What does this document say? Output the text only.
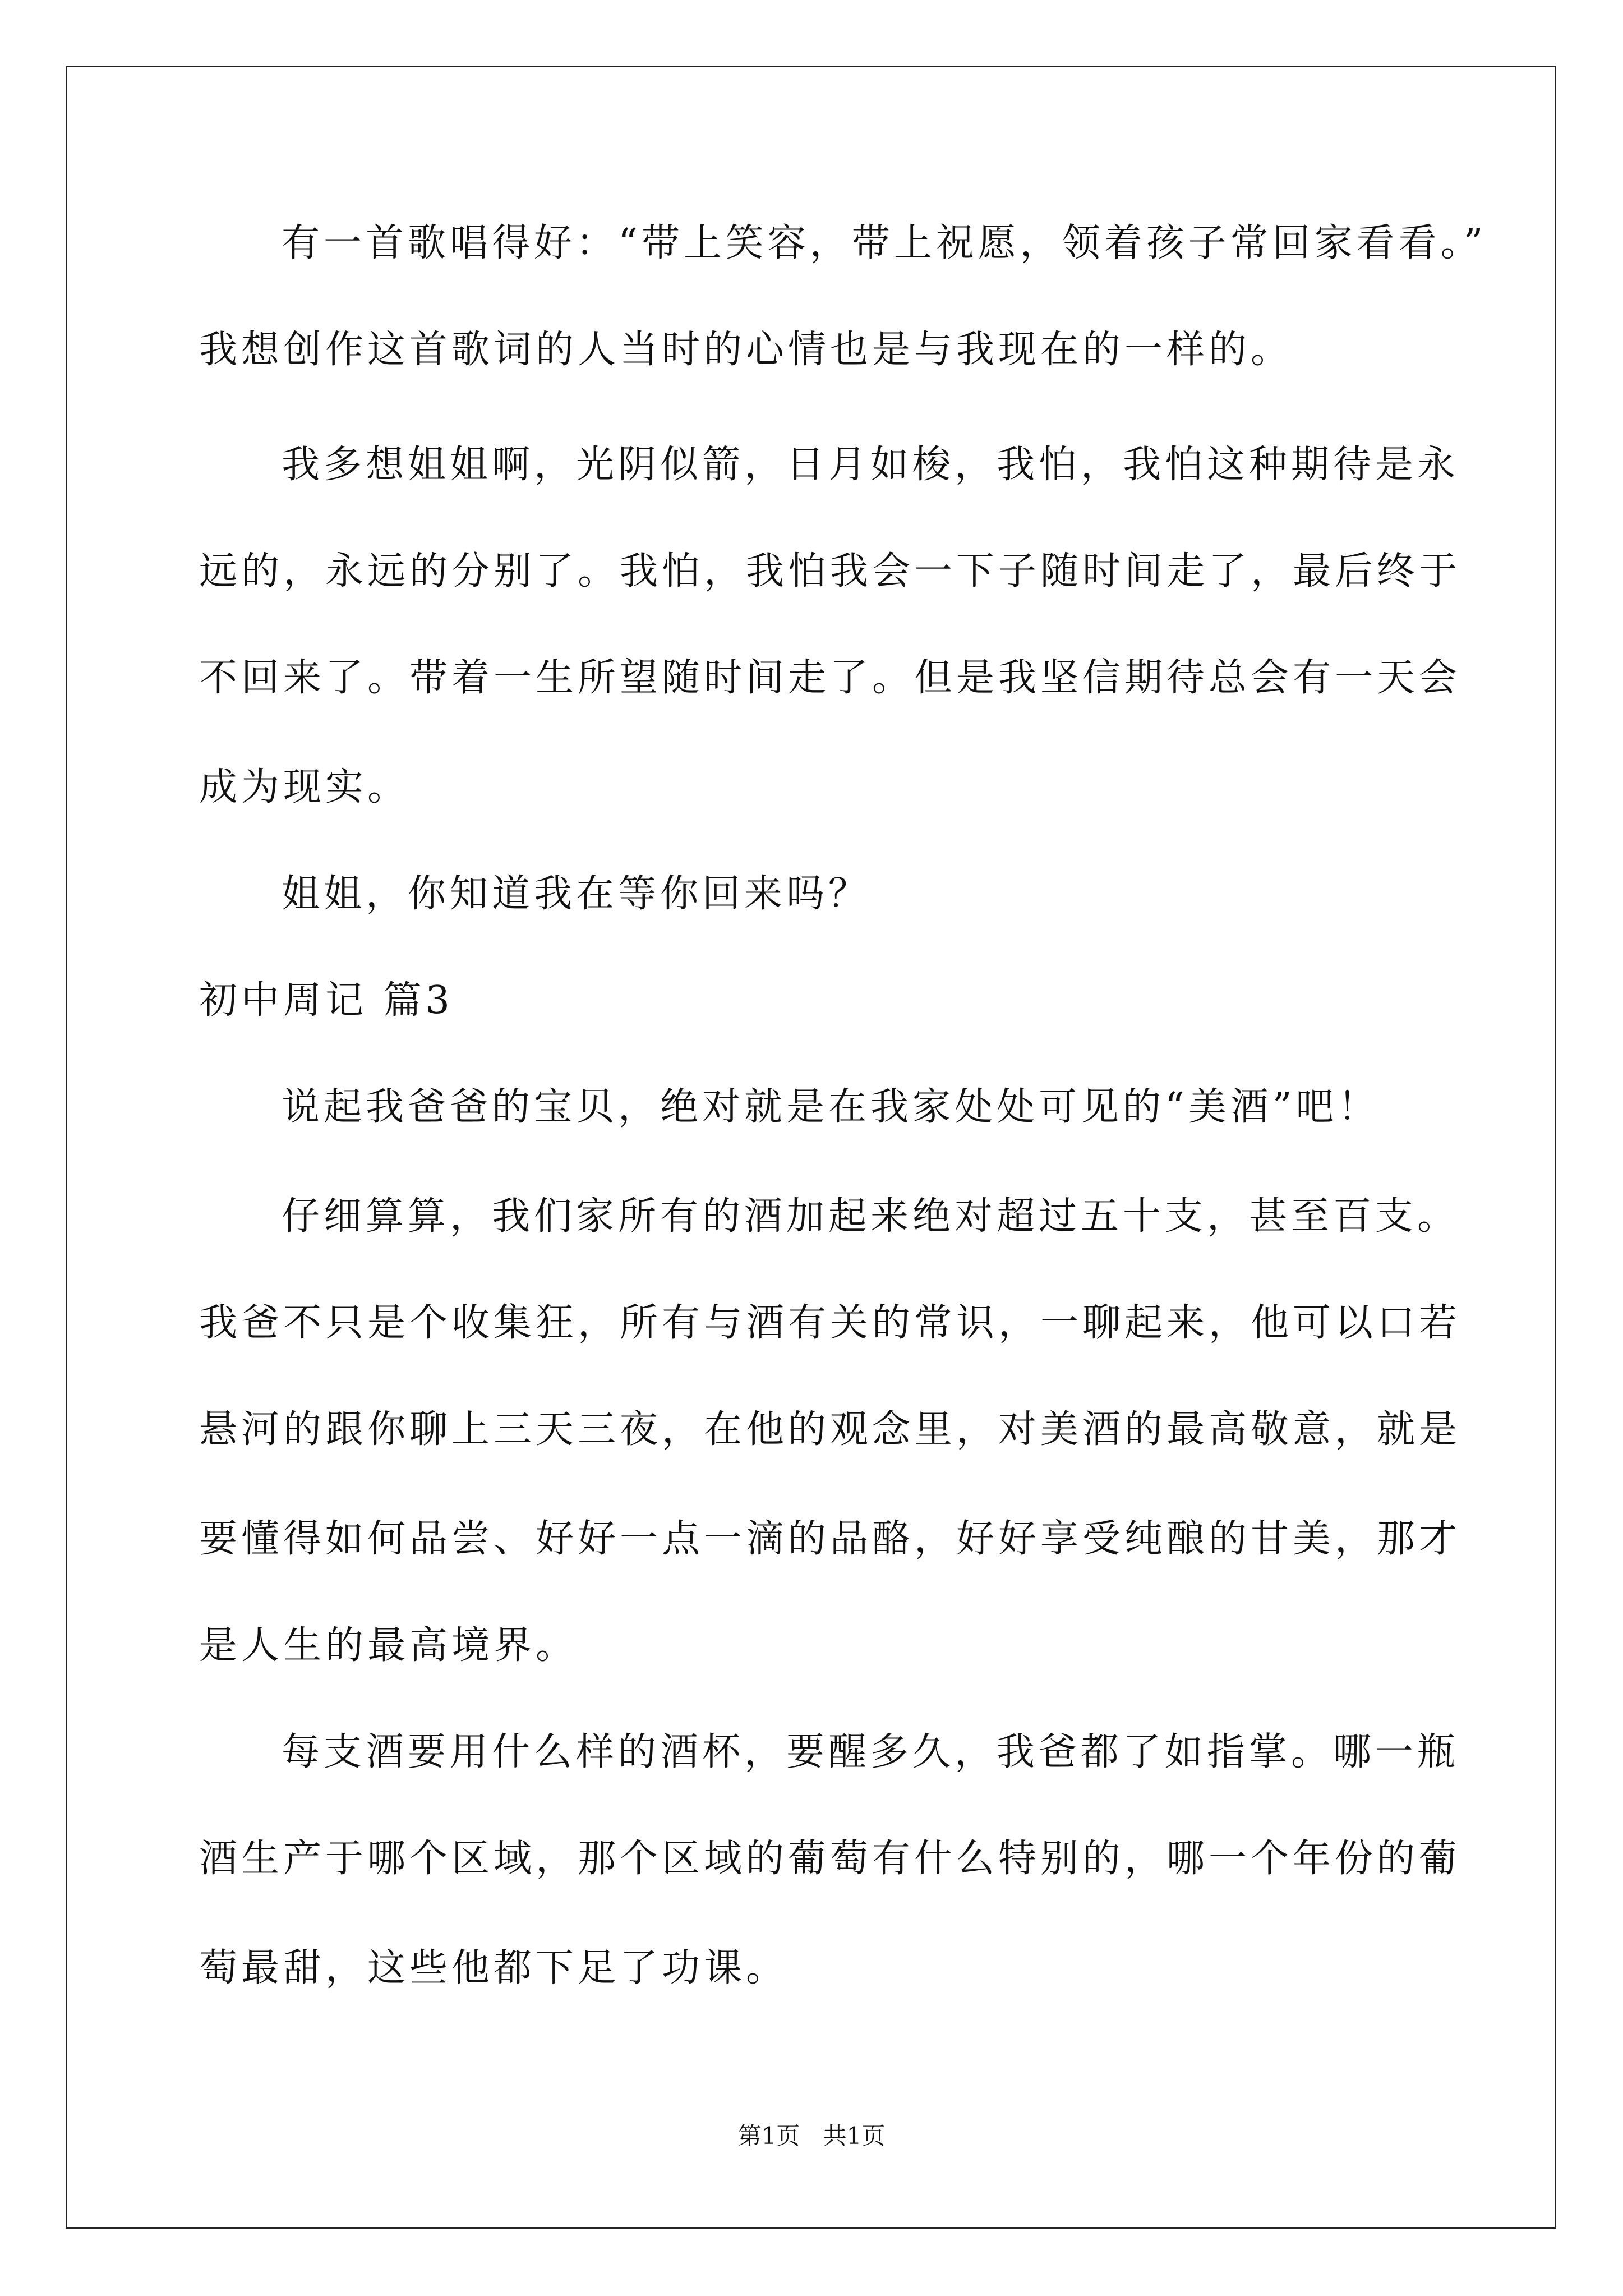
有一首歌唱得好：“带上笑容，带上祝愿，领着孩子常回家看看。”
我想创作这首歌词的人当时的心情也是与我现在的一样的。
我多想姐姐啊，光阴似箭，日月如梭，我怕，我怕这种期待是永
远的，永远的分别了。我怕，我怕我会一下子随时间走了，最后终于
不回来了。带着一生所望随时间走了。但是我坚信期待总会有一天会
成为现实。
姐姐，你知道我在等你回来吗？
初中周记 篇3
说起我爸爸的宝贝，绝对就是在我家处处可见的“美酒”吧！
仔细算算，我们家所有的酒加起来绝对超过五十支，甚至百支。
我爸不只是个收集狂，所有与酒有关的常识，一聊起来，他可以口若
悬河的跟你聊上三天三夜，在他的观念里，对美酒的最高敬意，就是
要懂得如何品尝、好好一点一滴的品酪，好好享受纯酿的甘美，那才
是人生的最高境界。
每支酒要用什么样的酒杯，要醒多久，我爸都了如指掌。哪一瓶
酒生产于哪个区域，那个区域的葡萄有什么特别的，哪一个年份的葡
萄最甜，这些他都下足了功课。
第1页 共1页
